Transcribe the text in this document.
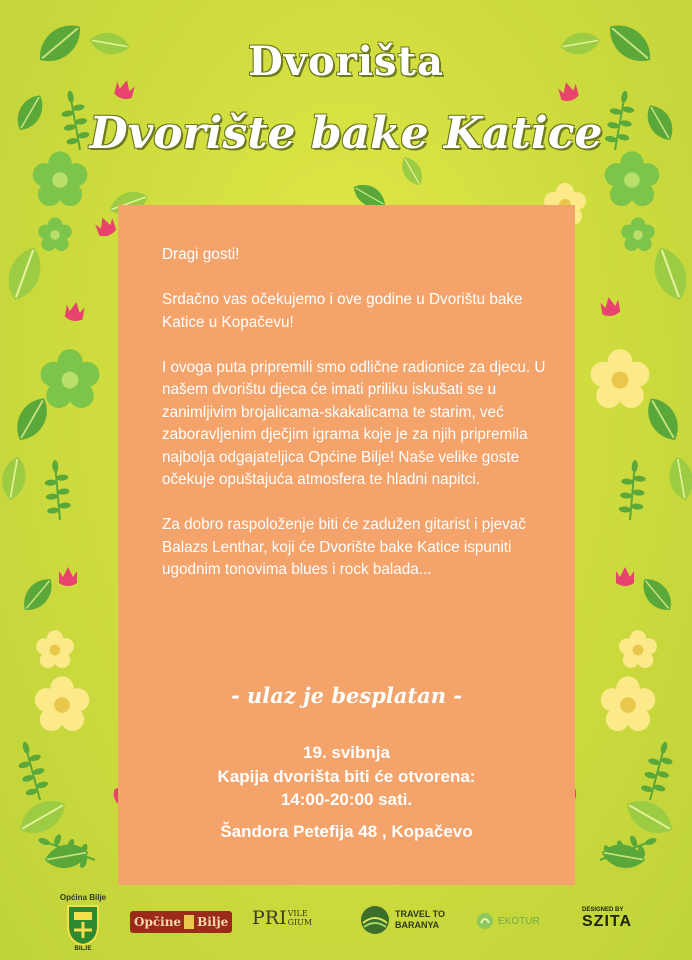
Dvorišta
Dvorište bake Katice

Dragi gosti!

Srdačno vas očekujemo i ove godine u Dvorištu bake Katice u Kopačevu!

I ovoga puta pripremili smo odlične radionice za djecu. U našem dvorištu djeca će imati priliku iskušati se u zanimljivim brojalicama-skakalicama te starim, već zaboravljenim dječjim igrama koje je za njih pripremila najbolja odgajateljica Općine Bilje! Naše velike goste očekuje opuštajuća atmosfera te hladni napitci.

Za dobro raspoloženje biti će zadužen gitarist i pjevač Balazs Lenthar, koji će Dvorište bake Katice ispuniti ugodnim tonovima blues i rock balada...

- ulaz je besplatan -
19. svibnja
Kapija dvorišta biti će otvorena:
14:00-20:00 sati.
Šandora Petefija 48 , Kopačevo
Općina Bilje
BILJE
Opčine Bilje PRI VILE
GIUM
TRAVEL TO
BARANYA	EKOTUR
DESIGNED BY
SZITA
